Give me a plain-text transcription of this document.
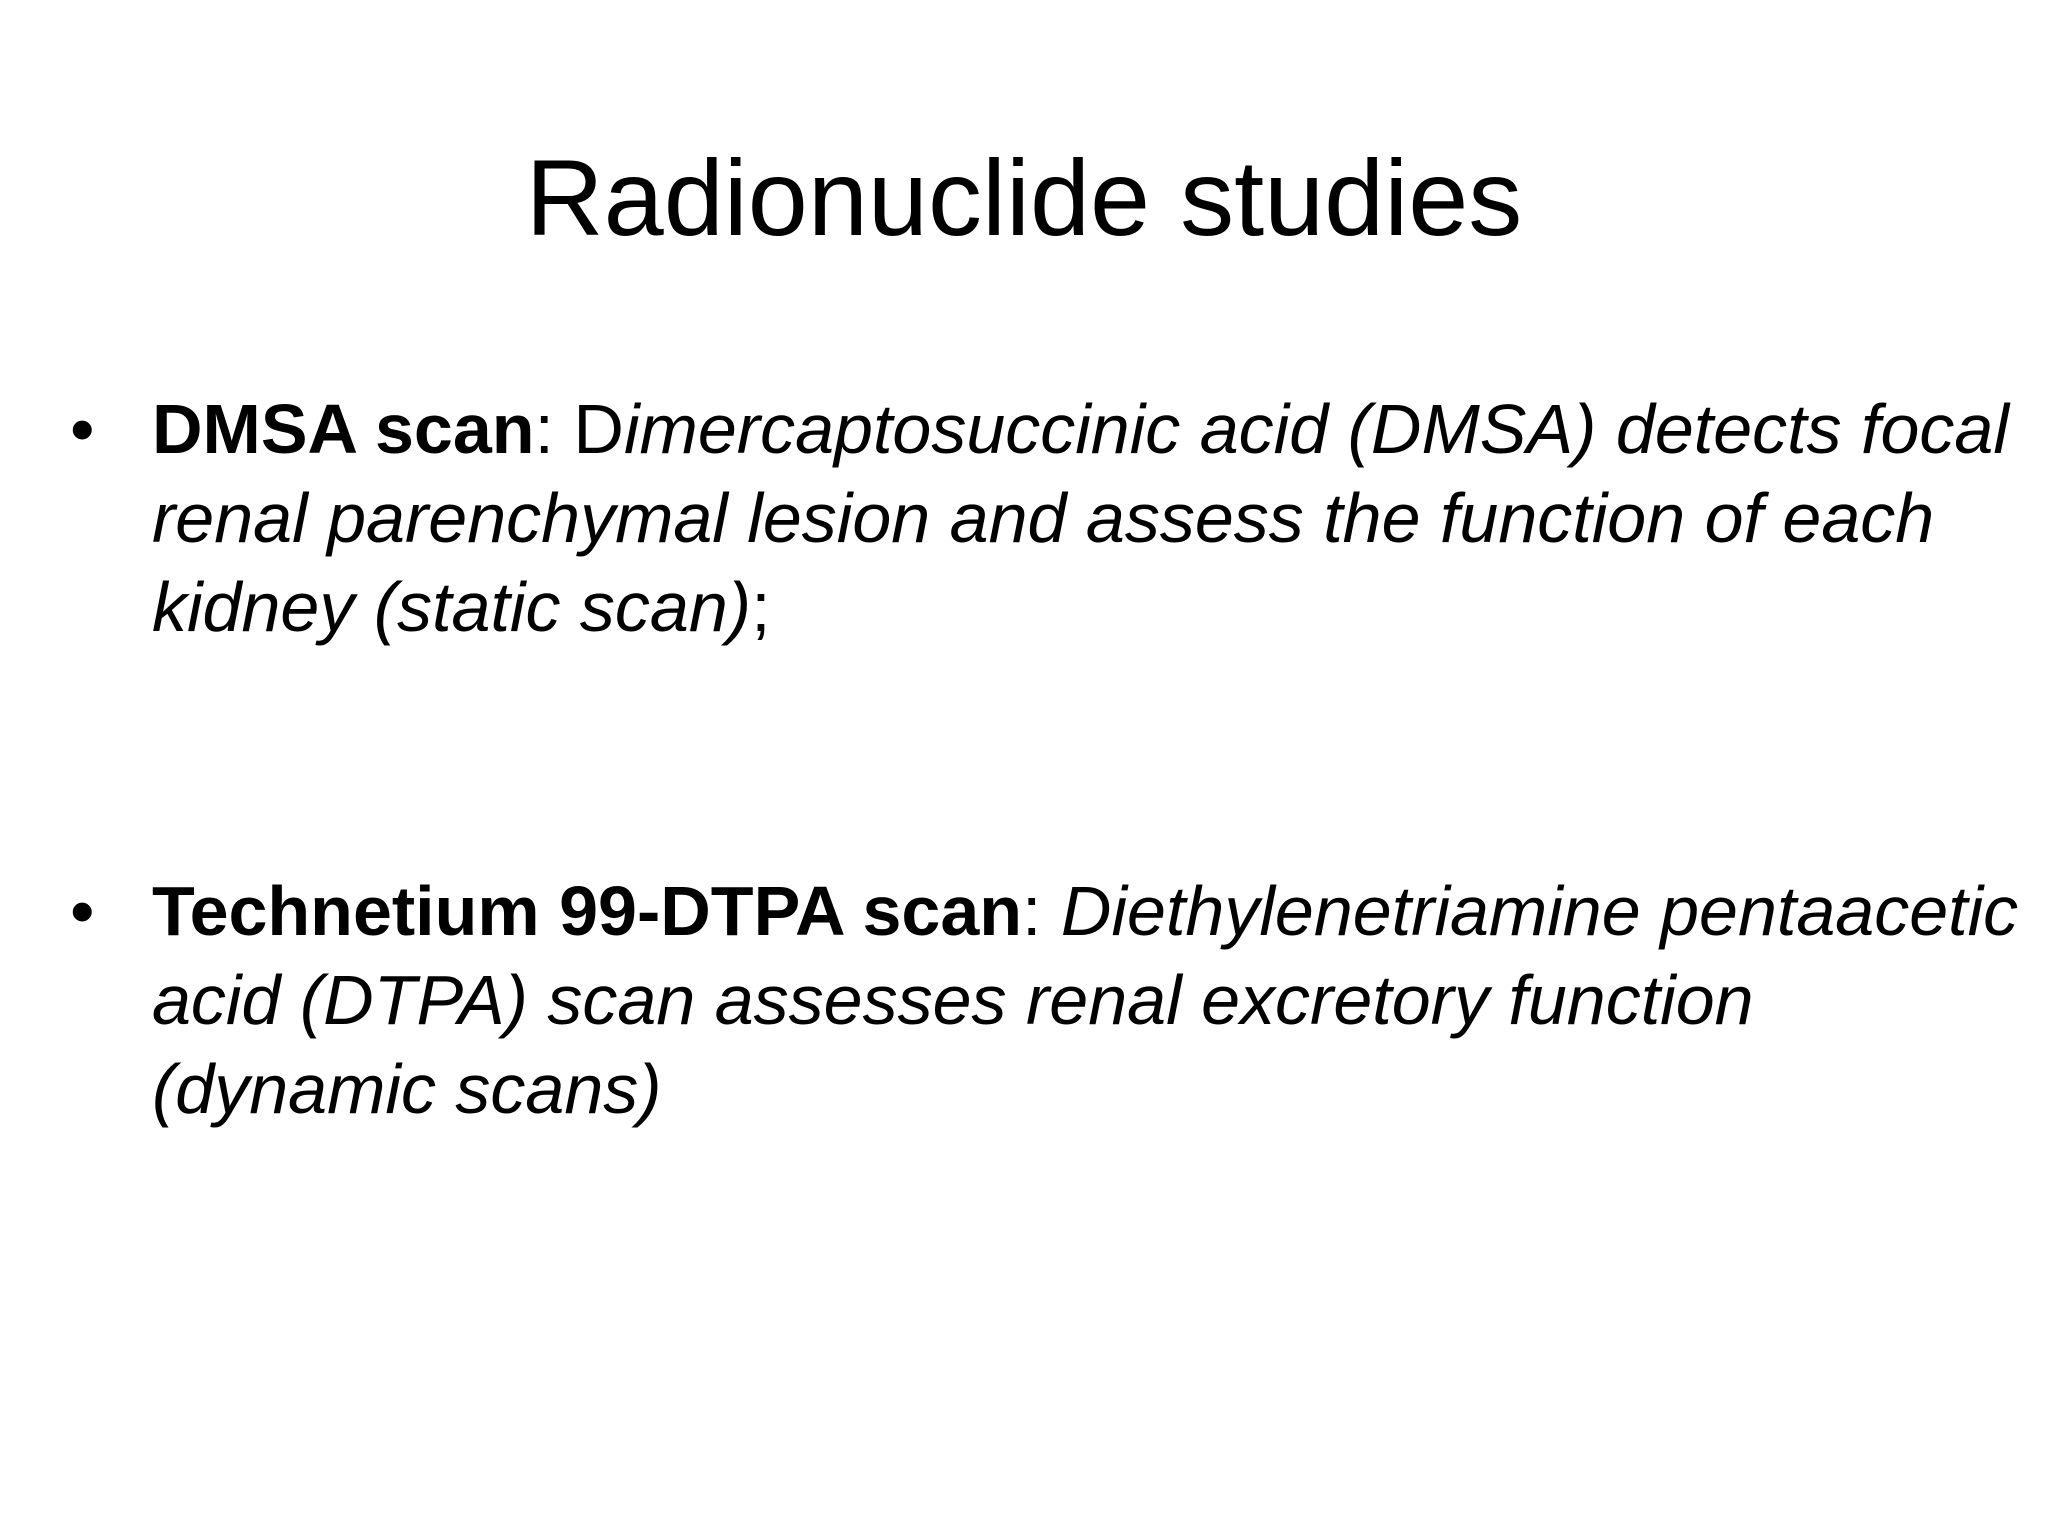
Radionuclide studies
• DMSA scan: Dimercaptosuccinic acid (DMSA) detects focal renal parenchymal lesion and assess the function of each kidney (static scan);
• Technetium 99-DTPA scan: Diethylenetriamine pentaacetic acid (DTPA) scan assesses renal excretory function (dynamic scans)
